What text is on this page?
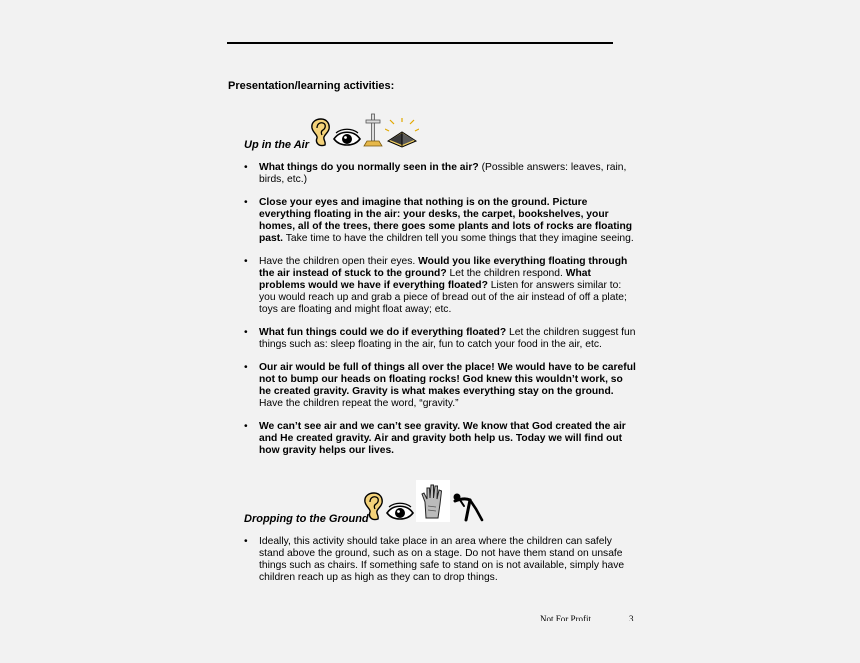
Presentation/learning activities:
Up in the Air
• What things do you normally seen in the air? (Possible answers: leaves, rain, birds, etc.)
• Close your eyes and imagine that nothing is on the ground. Picture everything floating in the air: your desks, the carpet, bookshelves, your homes, all of the trees, there goes some plants and lots of rocks are floating past. Take time to have the children tell you some things that they imagine seeing.
• Have the children open their eyes. Would you like everything floating through the air instead of stuck to the ground? Let the children respond. What problems would we have if everything floated? Listen for answers similar to: you would reach up and grab a piece of bread out of the air instead of off a plate; toys are floating and might float away; etc.
• What fun things could we do if everything floated? Let the children suggest fun things such as: sleep floating in the air, fun to catch your food in the air, etc.
• Our air would be full of things all over the place! We would have to be careful not to bump our heads on floating rocks! God knew this wouldn’t work, so he created gravity. Gravity is what makes everything stay on the ground. Have the children repeat the word, “gravity.”
• We can’t see air and we can’t see gravity. We know that God created the air and He created gravity. Air and gravity both help us. Today we will find out how gravity helps our lives.
Dropping to the Ground
• Ideally, this activity should take place in an area where the children can safely stand above the ground, such as on a stage. Do not have them stand on unsafe things such as chairs. If something safe to stand on is not available, simply have children reach up as high as they can to drop things.
Not For Profit	3
